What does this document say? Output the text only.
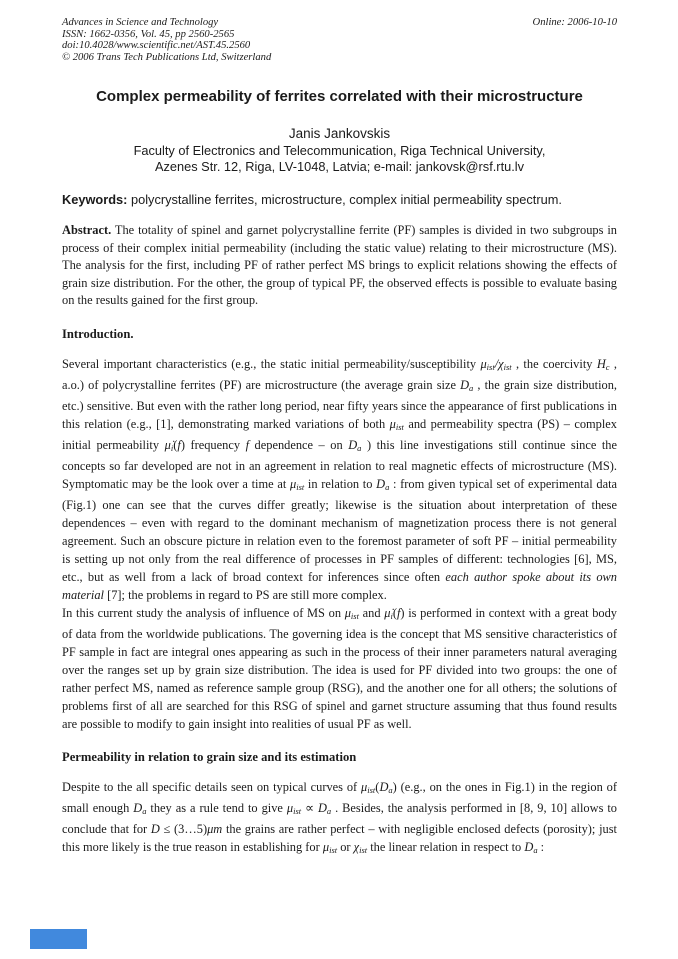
Advances in Science and Technology
ISSN: 1662-0356, Vol. 45, pp 2560-2565
doi:10.4028/www.scientific.net/AST.45.2560
© 2006 Trans Tech Publications Ltd, Switzerland
Online: 2006-10-10
Complex permeability of ferrites correlated with their microstructure
Janis Jankovskis
Faculty of Electronics and Telecommunication, Riga Technical University,
Azenes Str. 12, Riga, LV-1048, Latvia; e-mail: jankovsk@rsf.rtu.lv
Keywords: polycrystalline ferrites, microstructure, complex initial permeability spectrum.
Abstract. The totality of spinel and garnet polycrystalline ferrite (PF) samples is divided in two subgroups in process of their complex initial permeability (including the static value) relating to their microstructure (MS). The analysis for the first, including PF of rather perfect MS brings to explicit relations showing the effects of grain size distribution. For the other, the group of typical PF, the observed effects is possible to evaluate basing on the results gained for the first group.
Introduction.
Several important characteristics (e.g., the static initial permeability/susceptibility μist/χist , the coercivity Hc , a.o.) of polycrystalline ferrites (PF) are microstructure (the average grain size Da , the grain size distribution, etc.) sensitive. But even with the rather long period, near fifty years since the appearance of first publications in this relation (e.g., [1], demonstrating marked variations of both μist and permeability spectra (PS) – complex initial permeability μ̇i(f) frequency f dependence – on Da ) this line investigations still continue since the concepts so far developed are not in an agreement in relation to real magnetic effects of microstructure (MS). Symptomatic may be the look over a time at μist in relation to Da : from given typical set of experimental data (Fig.1) one can see that the curves differ greatly; likewise is the situation about interpretation of these dependences – even with regard to the dominant mechanism of magnetization process there is not general agreement. Such an obscure picture in relation even to the foremost parameter of soft PF – initial permeability is setting up not only from the real difference of processes in PF samples of different: technologies [6], MS, etc., but as well from a lack of broad context for inferences since often each author spoke about its own material [7]; the problems in regard to PS are still more complex.
In this current study the analysis of influence of MS on μist and μ̇i(f) is performed in context with a great body of data from the worldwide publications. The governing idea is the concept that MS sensitive characteristics of PF sample in fact are integral ones appearing as such in the process of their inner parameters natural averaging over the ranges set up by grain size distribution. The idea is used for PF divided into two groups: the one of rather perfect MS, named as reference sample group (RSG), and the another one for all others; the solutions of problems first of all are searched for this RSG of spinel and garnet structure assuming that thus found results are possible to modify to gain insight into realities of usual PF as well.
Permeability in relation to grain size and its estimation
Despite to the all specific details seen on typical curves of μist(Da) (e.g., on the ones in Fig.1) in the region of small enough Da they as a rule tend to give μist ∝ Da . Besides, the analysis performed in [8, 9, 10] allows to conclude that for D ≤ (3…5)μm the grains are rather perfect – with negligible enclosed defects (porosity); just this more likely is the true reason in establishing for μist or χist the linear relation in respect to Da :
